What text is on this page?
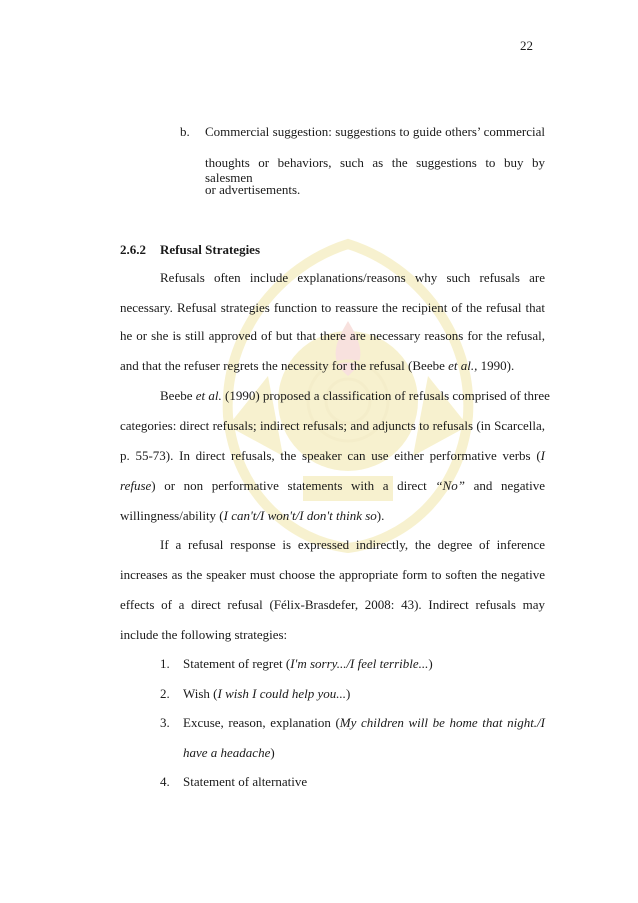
22
b. Commercial suggestion: suggestions to guide others’ commercial
thoughts or behaviors, such as the suggestions to buy by salesmen
or advertisements.
2.6.2 Refusal Strategies
Refusals often include explanations/reasons why such refusals are
necessary. Refusal strategies function to reassure the recipient of the refusal that
he or she is still approved of but that there are necessary reasons for the refusal,
and that the refuser regrets the necessity for the refusal (Beebe et al., 1990).
Beebe et al. (1990) proposed a classification of refusals comprised of three
categories: direct refusals; indirect refusals; and adjuncts to refusals (in Scarcella,
p. 55-73). In direct refusals, the speaker can use either performative verbs (I
refuse) or non performative statements with a direct “No” and negative
willingness/ability (I can't/I won't/I don't think so).
If a refusal response is expressed indirectly, the degree of inference
increases as the speaker must choose the appropriate form to soften the negative
effects of a direct refusal (Félix-Brasdefer, 2008: 43). Indirect refusals may
include the following strategies:
1. Statement of regret (I'm sorry.../I feel terrible...)
2. Wish (I wish I could help you...)
3. Excuse, reason, explanation (My children will be home that night./I
have a headache)
4. Statement of alternative
